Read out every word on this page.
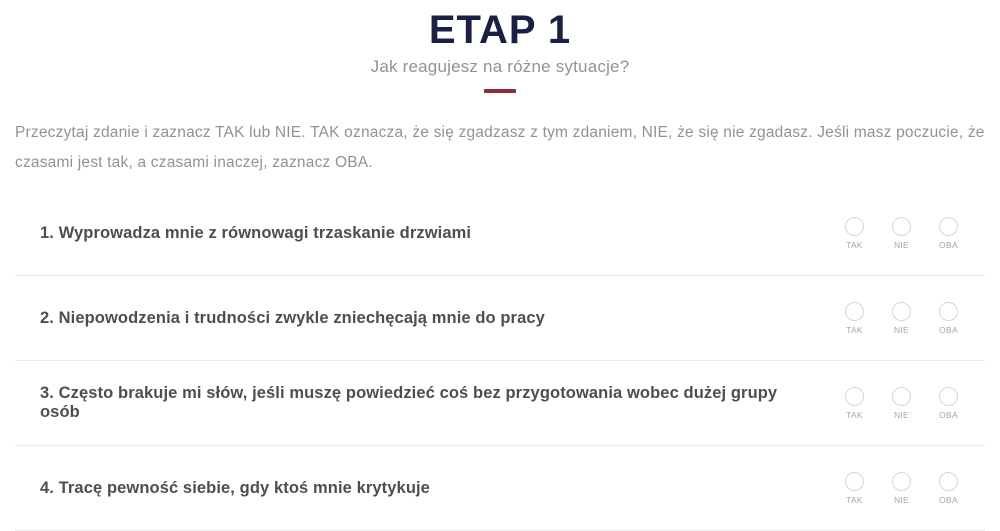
ETAP 1
Jak reagujesz na różne sytuacje?

Przeczytaj zdanie i zaznacz TAK lub NIE. TAK oznacza, że się zgadzasz z tym zdaniem, NIE, że się nie zgadasz. Jeśli masz poczucie, że czasami jest tak, a czasami inaczej, zaznacz OBA.

1. Wyprowadza mnie z równowagi trzaskanie drzwiami
TAK	NIE	OBA
2. Niepowodzenia i trudności zwykle zniechęcają mnie do pracy
TAK	NIE	OBA
3. Często brakuje mi słów, jeśli muszę powiedzieć coś bez przygotowania wobec dużej grupy osób	TAK	NIE	OBA
4. Tracę pewność siebie, gdy ktoś mnie krytykuje
TAK	NIE	OBA
